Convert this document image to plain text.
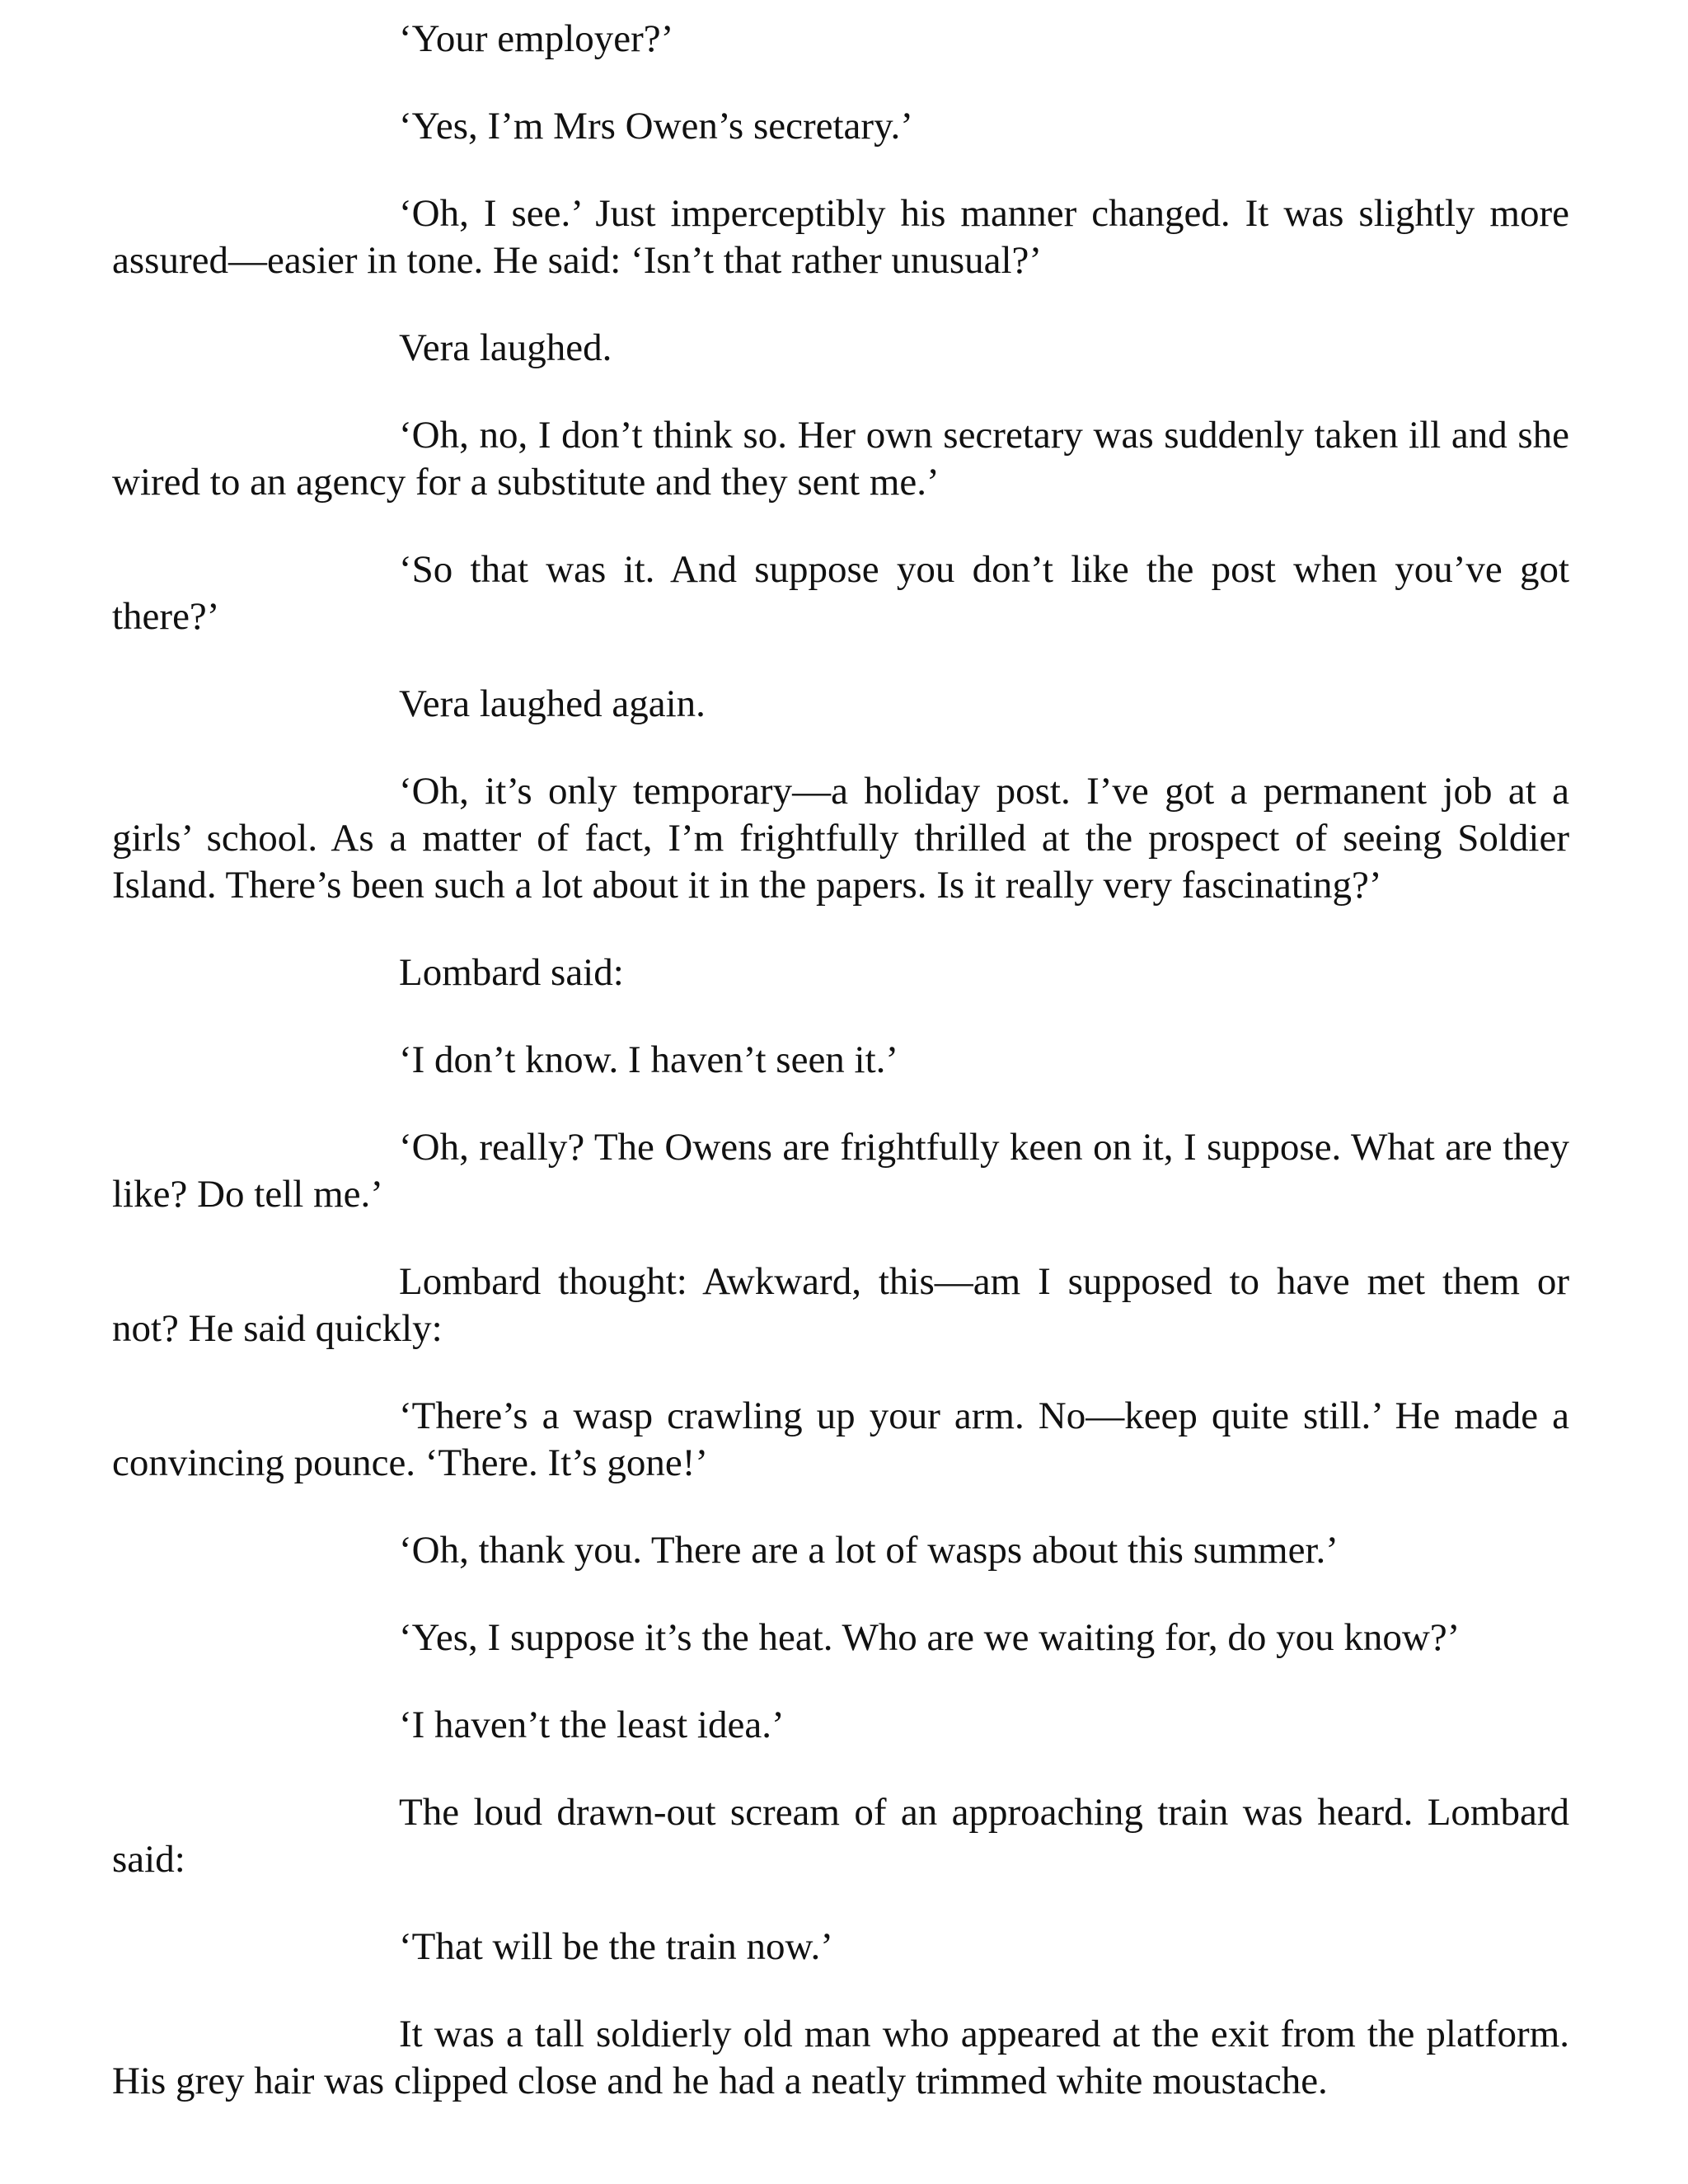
‘Your employer?’

‘Yes, I’m Mrs Owen’s secretary.’

‘Oh, I see.’ Just imperceptibly his manner changed. It was slightly more assured—easier in tone. He said: ‘Isn’t that rather unusual?’

Vera laughed.

‘Oh, no, I don’t think so. Her own secretary was suddenly taken ill and she wired to an agency for a substitute and they sent me.’

‘So that was it. And suppose you don’t like the post when you’ve got there?’

Vera laughed again.

‘Oh, it’s only temporary—a holiday post. I’ve got a permanent job at a girls’ school. As a matter of fact, I’m frightfully thrilled at the prospect of seeing Soldier Island. There’s been such a lot about it in the papers. Is it really very fascinating?’

Lombard said:

‘I don’t know. I haven’t seen it.’

‘Oh, really? The Owens are frightfully keen on it, I suppose. What are they like? Do tell me.’

Lombard thought: Awkward, this—am I supposed to have met them or not? He said quickly:

‘There’s a wasp crawling up your arm. No—keep quite still.’ He made a convincing pounce. ‘There. It’s gone!’

‘Oh, thank you. There are a lot of wasps about this summer.’

‘Yes, I suppose it’s the heat. Who are we waiting for, do you know?’

‘I haven’t the least idea.’

The loud drawn-out scream of an approaching train was heard. Lombard said:

‘That will be the train now.’

It was a tall soldierly old man who appeared at the exit from the platform. His grey hair was clipped close and he had a neatly trimmed white moustache.
